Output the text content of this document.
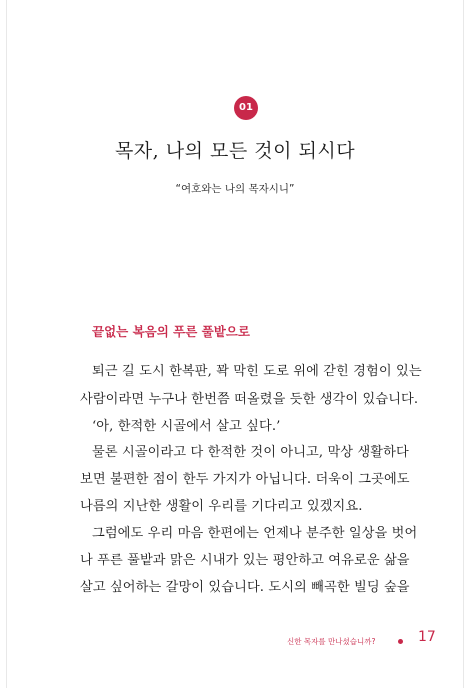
01
목자, 나의 모든 것이 되시다
“여호와는 나의 목자시니”
끝없는 복음의 푸른 풀밭으로
퇴근 길 도시 한복판, 꽉 막힌 도로 위에 갇힌 경험이 있는
사람이라면 누구나 한번쯤 떠올렸을 듯한 생각이 있습니다.
‘아, 한적한 시골에서 살고 싶다.’
물론 시골이라고 다 한적한 것이 아니고, 막상 생활하다
보면 불편한 점이 한두 가지가 아닙니다. 더욱이 그곳에도
나름의 지난한 생활이 우리를 기다리고 있겠지요.
그럼에도 우리 마음 한편에는 언제나 분주한 일상을 벗어
나 푸른 풀밭과 맑은 시내가 있는 평안하고 여유로운 삶을
살고 싶어하는 갈망이 있습니다. 도시의 빼곡한 빌딩 숲을
신한 목자를 만나셨습니까?	17
